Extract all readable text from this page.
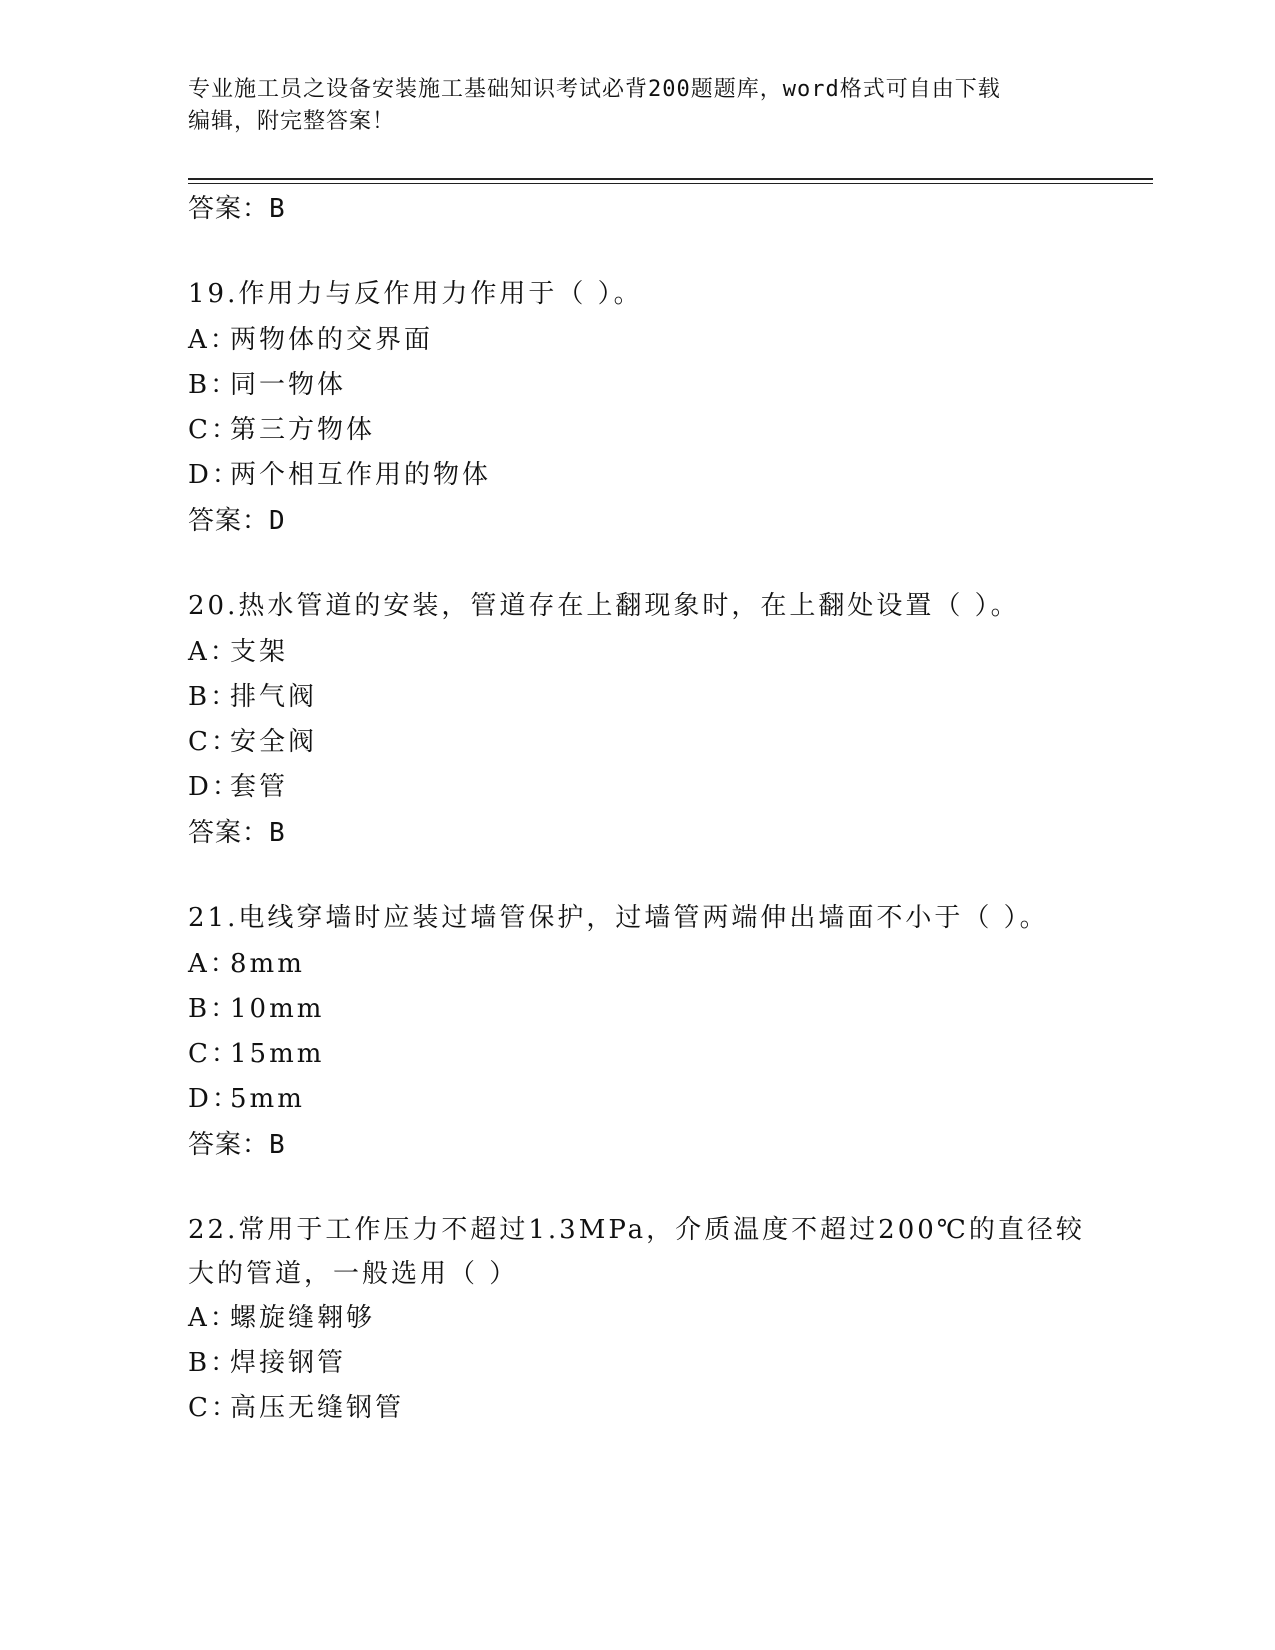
专业施工员之设备安装施工基础知识考试必背200题题库，word格式可自由下载
编辑，附完整答案！
答案：B
19.作用力与反作用力作用于（ ）。
A：两物体的交界面
B：同一物体
C：第三方物体
D：两个相互作用的物体
答案：D
20.热水管道的安装，管道存在上翻现象时，在上翻处设置（ ）。
A：支架
B：排气阀
C：安全阀
D：套管
答案：B
21.电线穿墙时应装过墙管保护，过墙管两端伸出墙面不小于（ ）。
A：8mm
B：10mm
C：15mm
D：5mm
答案：B
22.常用于工作压力不超过1.3MPa，介质温度不超过200℃的直径较大的管道，一般选用（ ）
A：螺旋缝翱够
B：焊接钢管
C：高压无缝钢管
